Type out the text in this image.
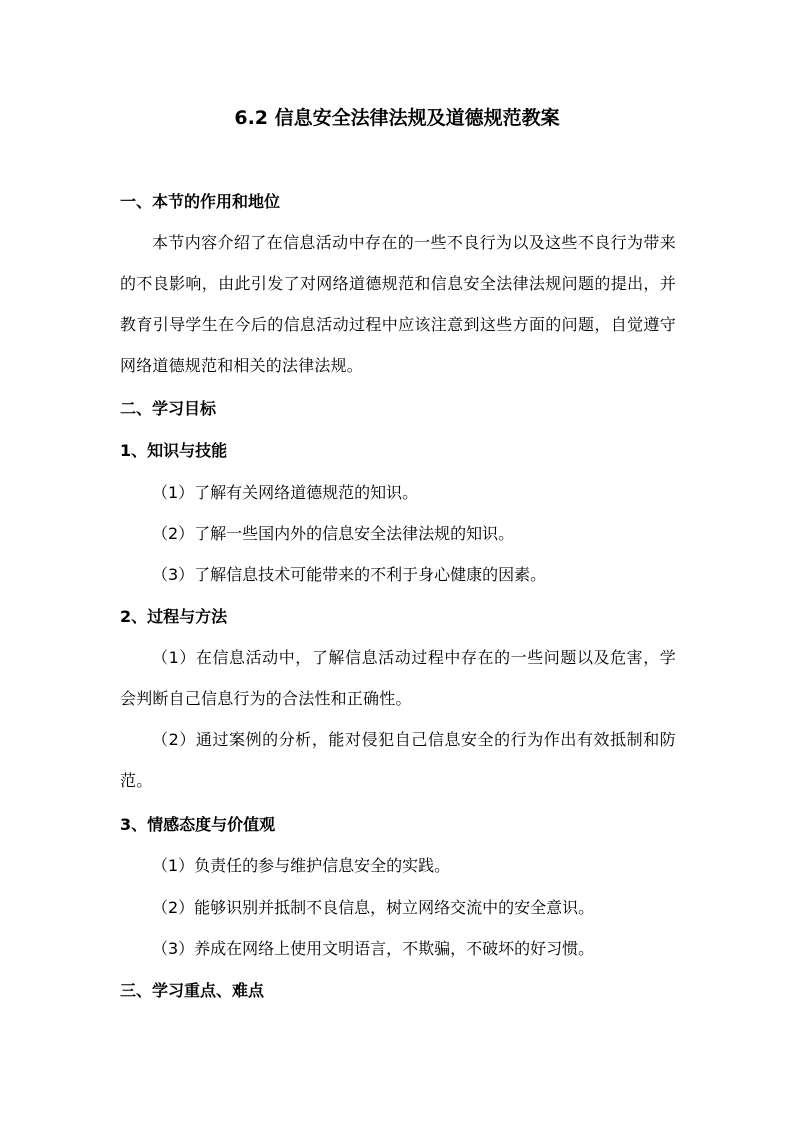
6.2 信息安全法律法规及道德规范教案
一、本节的作用和地位
本节内容介绍了在信息活动中存在的一些不良行为以及这些不良行为带来的不良影响，由此引发了对网络道德规范和信息安全法律法规问题的提出，并教育引导学生在今后的信息活动过程中应该注意到这些方面的问题，自觉遵守网络道德规范和相关的法律法规。
二、学习目标
1、知识与技能
（1）了解有关网络道德规范的知识。
（2）了解一些国内外的信息安全法律法规的知识。
（3）了解信息技术可能带来的不利于身心健康的因素。
2、过程与方法
（1）在信息活动中，了解信息活动过程中存在的一些问题以及危害，学会判断自己信息行为的合法性和正确性。
（2）通过案例的分析，能对侵犯自己信息安全的行为作出有效抵制和防范。
3、情感态度与价值观
（1）负责任的参与维护信息安全的实践。
（2）能够识别并抵制不良信息，树立网络交流中的安全意识。
（3）养成在网络上使用文明语言，不欺骗，不破坏的好习惯。
三、学习重点、难点
